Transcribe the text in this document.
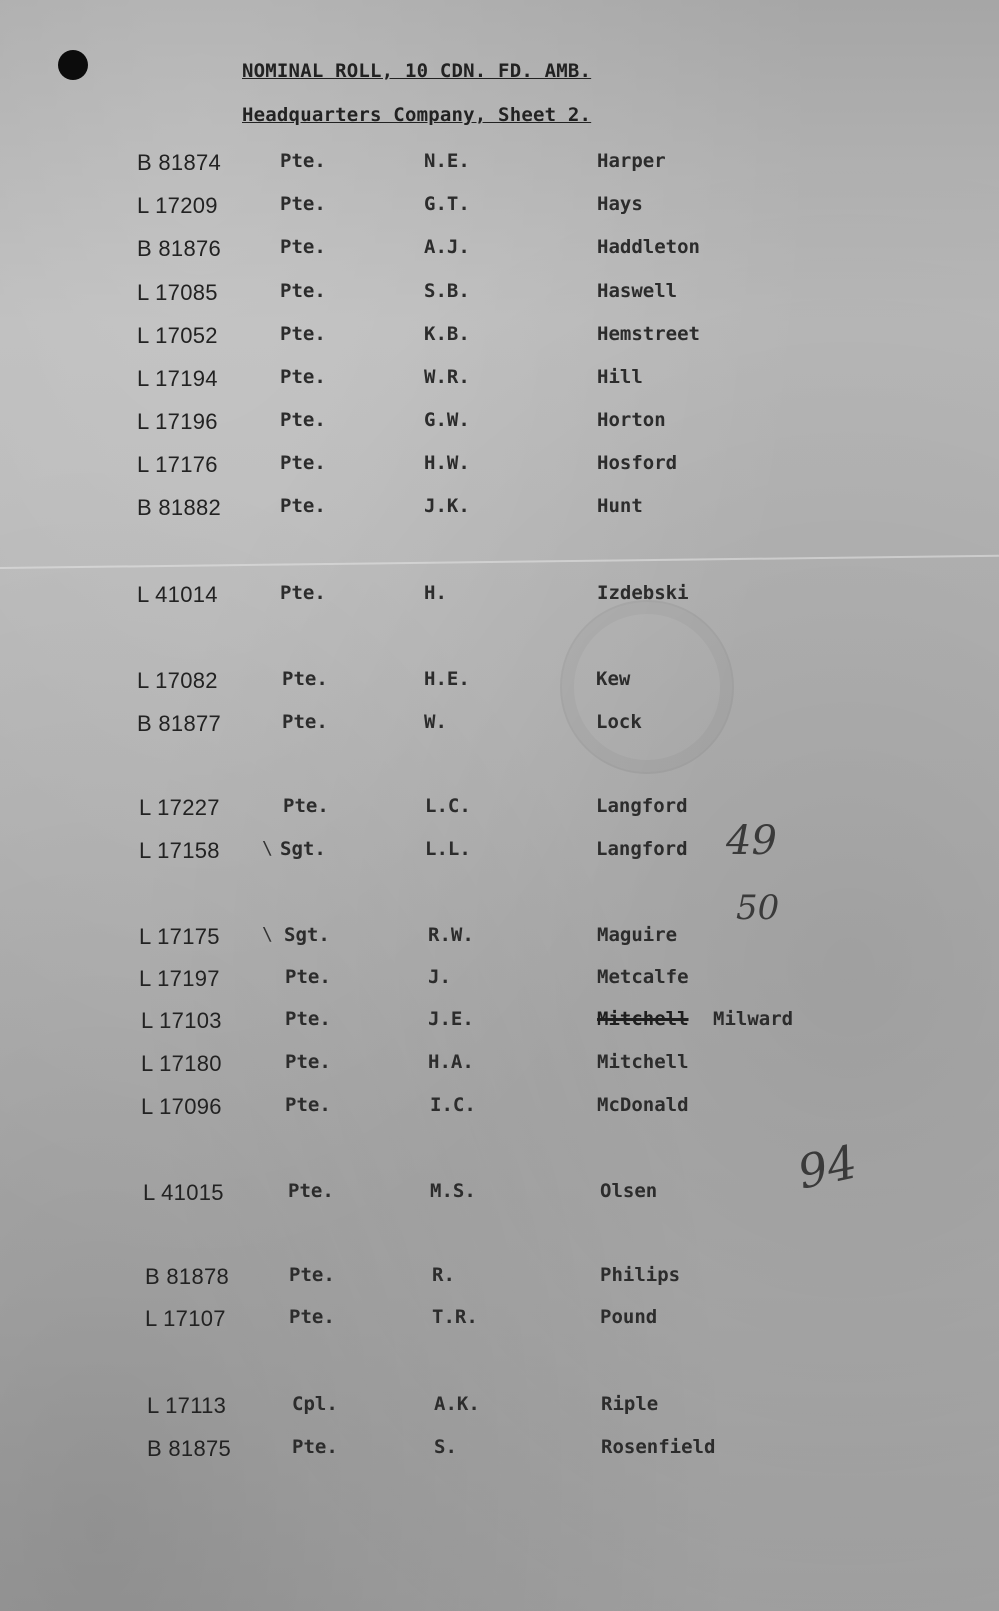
NOMINAL ROLL, 10 CDN. FD. AMB.
Headquarters Company, Sheet 2.
B 81874	Pte.	N.E.	Harper
L 17209	Pte.	G.T.	Hays
B 81876	Pte.	A.J.	Haddleton
L 17085	Pte.	S.B.	Haswell
L 17052	Pte.	K.B.	Hemstreet
L 17194	Pte.	W.R.	Hill
L 17196	Pte.	G.W.	Horton
L 17176	Pte.	H.W.	Hosford
B 81882	Pte.	J.K.	Hunt
L 41014	Pte.	H.	Izdebski
L 17082	Pte.	H.E.	Kew
B 81877	Pte.	W.	Lock
L 17227	Pte.	L.C.	Langford
L 17158 \ Sgt.	L.L.	Langford
L 17175 \ Sgt.	R.W.	Maguire
L 17197	Pte.	J.	Metcalfe
L 17103	Pte.	J.E.	Mitchell Milward
L 17180	Pte.	H.A.	Mitchell
L 17096	Pte.	I.C.	McDonald
L 41015	Pte.	M.S.	Olsen
B 81878	Pte.	R.	Philips
L 17107	Pte.	T.R.	Pound
L 17113	Cpl.	A.K.	Riple
B 81875	Pte.	S.	Rosenfield
49
50
94
